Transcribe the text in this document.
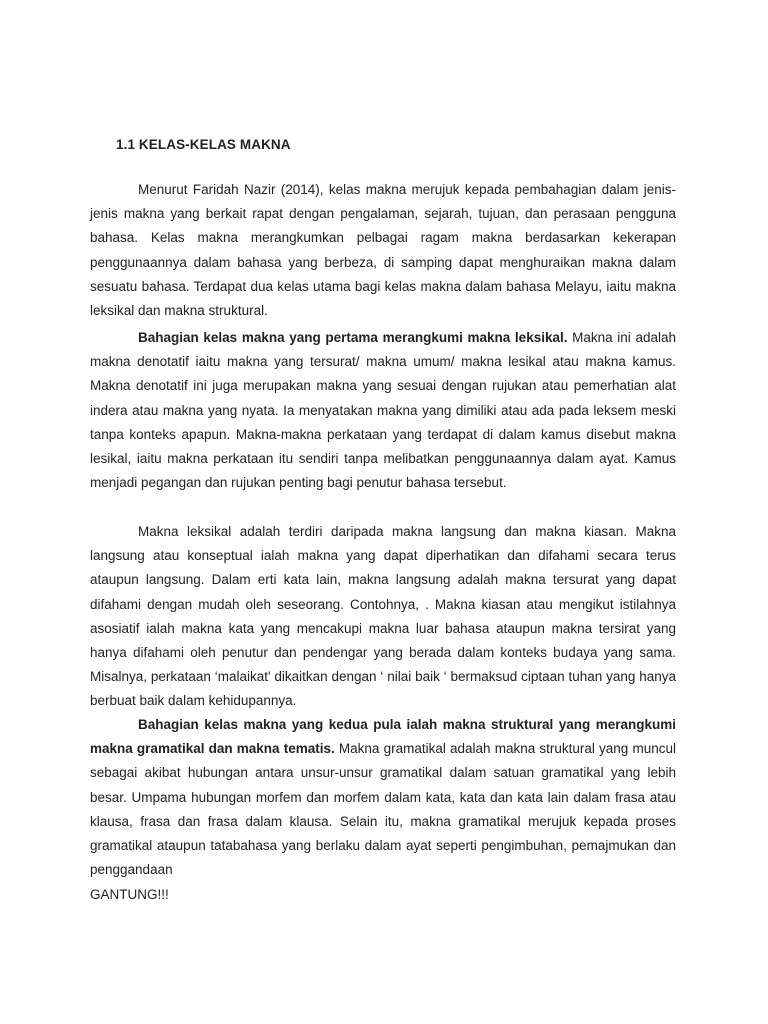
1.1 KELAS-KELAS MAKNA

Menurut Faridah Nazir (2014), kelas makna merujuk kepada pembahagian dalam jenis-jenis makna yang berkait rapat dengan pengalaman, sejarah, tujuan, dan perasaan pengguna bahasa. Kelas makna merangkumkan pelbagai ragam makna berdasarkan kekerapan penggunaannya dalam bahasa yang berbeza, di samping dapat menghuraikan makna dalam sesuatu bahasa. Terdapat dua kelas utama bagi kelas makna dalam bahasa Melayu, iaitu makna leksikal dan makna struktural.

Bahagian kelas makna yang pertama merangkumi makna leksikal. Makna ini adalah makna denotatif iaitu makna yang tersurat/ makna umum/ makna lesikal atau makna kamus. Makna denotatif ini juga merupakan makna yang sesuai dengan rujukan atau pemerhatian alat indera atau makna yang nyata. Ia menyatakan makna yang dimiliki atau ada pada leksem meski tanpa konteks apapun. Makna-makna perkataan yang terdapat di dalam kamus disebut makna lesikal, iaitu makna perkataan itu sendiri tanpa melibatkan penggunaannya dalam ayat. Kamus menjadi pegangan dan rujukan penting bagi penutur bahasa tersebut.

Makna leksikal adalah terdiri daripada makna langsung dan makna kiasan. Makna langsung atau konseptual ialah makna yang dapat diperhatikan dan difahami secara terus ataupun langsung. Dalam erti kata lain, makna langsung adalah makna tersurat yang dapat difahami dengan mudah oleh seseorang. Contohnya, . Makna kiasan atau mengikut istilahnya asosiatif ialah makna kata yang mencakupi makna luar bahasa ataupun makna tersirat yang hanya difahami oleh penutur dan pendengar yang berada dalam konteks budaya yang sama. Misalnya, perkataan ‘malaikat' dikaitkan dengan ‘ nilai baik ‘ bermaksud ciptaan tuhan yang hanya berbuat baik dalam kehidupannya.

Bahagian kelas makna yang kedua pula ialah makna struktural yang merangkumi makna gramatikal dan makna tematis. Makna gramatikal adalah makna struktural yang muncul sebagai akibat hubungan antara unsur-unsur gramatikal dalam satuan gramatikal yang lebih besar. Umpama hubungan morfem dan morfem dalam kata, kata dan kata lain dalam frasa atau klausa, frasa dan frasa dalam klausa. Selain itu, makna gramatikal merujuk kepada proses gramatikal ataupun tatabahasa yang berlaku dalam ayat seperti pengimbuhan, pemajmukan dan penggandaan

GANTUNG!!!
